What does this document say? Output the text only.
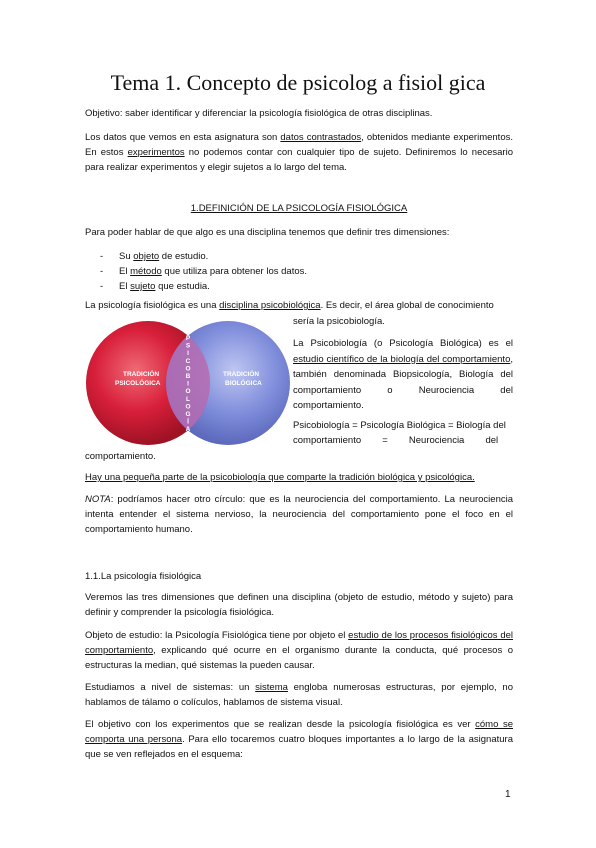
Tema 1. Concepto de psicolog a fisiol gica
Objetivo: saber identificar y diferenciar la psicología fisiológica de otras disciplinas.
Los datos que vemos en esta asignatura son datos contrastados, obtenidos mediante experimentos. En estos experimentos no podemos contar con cualquier tipo de sujeto. Definiremos lo necesario para realizar experimentos y elegir sujetos a lo largo del tema.
1.DEFINICIÓN DE LA PSICOLOGÍA FISIOLÓGICA
Para poder hablar de que algo es una disciplina tenemos que definir tres dimensiones:
-	Su objeto de estudio.
-	El método que utiliza para obtener los datos.
-	El sujeto que estudia.
La psicología fisiológica es una disciplina psicobiológica. Es decir, el área global de conocimiento
sería la psicobiología.
TRADICIÓN
PSICOLÓGICA
TRADICIÓN
BIOLÓGICA
P
S
I
C
O
B
I
O
L
O
G
Í
A
La Psicobiología (o Psicología Biológica) es el estudio científico de la biología del comportamiento, también denominada Biopsicología, Biología del comportamiento o Neurociencia del comportamiento.
Psicobiología = Psicología Biológica = Biología del
comportamiento        =        Neurociencia        del
comportamiento.
Hay una pequeña parte de la psicobiología que comparte la tradición biológica y psicológica.
NOTA: podríamos hacer otro círculo: que es la neurociencia del comportamiento. La neurociencia intenta entender el sistema nervioso, la neurociencia del comportamiento pone el foco en el comportamiento humano.
1.1.La psicología fisiológica
Veremos las tres dimensiones que definen una disciplina (objeto de estudio, método y sujeto) para definir y comprender la psicología fisiológica.
Objeto de estudio: la Psicología Fisiológica tiene por objeto el estudio de los procesos fisiológicos del comportamiento, explicando qué ocurre en el organismo durante la conducta, qué procesos o estructuras la median, qué sistemas la pueden causar.
Estudiamos a nivel de sistemas: un sistema engloba numerosas estructuras, por ejemplo, no hablamos de tálamo o colículos, hablamos de sistema visual.
El objetivo con los experimentos que se realizan desde la psicología fisiológica es ver cómo se comporta una persona. Para ello tocaremos cuatro bloques importantes a lo largo de la asignatura que se ven reflejados en el esquema:
1
